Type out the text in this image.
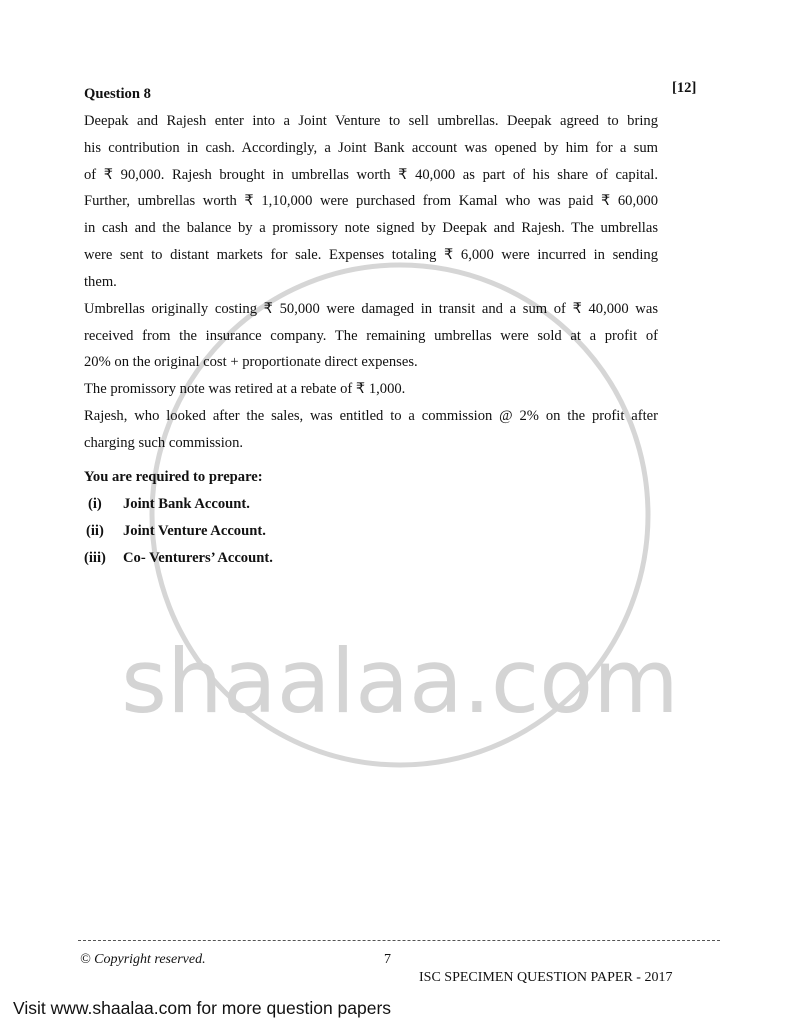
shaalaa.com
Question 8	[12]
Deepak and Rajesh enter into a Joint Venture to sell umbrellas. Deepak agreed to bring
his contribution in cash. Accordingly, a Joint Bank account was opened by him for a sum
of ₹ 90,000. Rajesh brought in umbrellas worth ₹ 40,000 as part of his share of capital.
Further, umbrellas worth ₹ 1,10,000 were purchased from Kamal who was paid ₹ 60,000
in cash and the balance by a promissory note signed by Deepak and Rajesh. The umbrellas
were sent to distant markets for sale. Expenses totaling ₹ 6,000 were incurred in sending
them.
Umbrellas originally costing ₹ 50,000 were damaged in transit and a sum of ₹ 40,000 was
received from the insurance company. The remaining umbrellas were sold at a profit of
20% on the original cost + proportionate direct expenses.
The promissory note was retired at a rebate of ₹ 1,000.
Rajesh, who looked after the sales, was entitled to a commission @ 2% on the profit after
charging such commission.
You are required to prepare:
(i) Joint Bank Account.
(ii) Joint Venture Account.
(iii) Co- Venturers’ Account.
© Copyright reserved.	7
ISC SPECIMEN QUESTION PAPER - 2017
Visit www.shaalaa.com for more question papers
